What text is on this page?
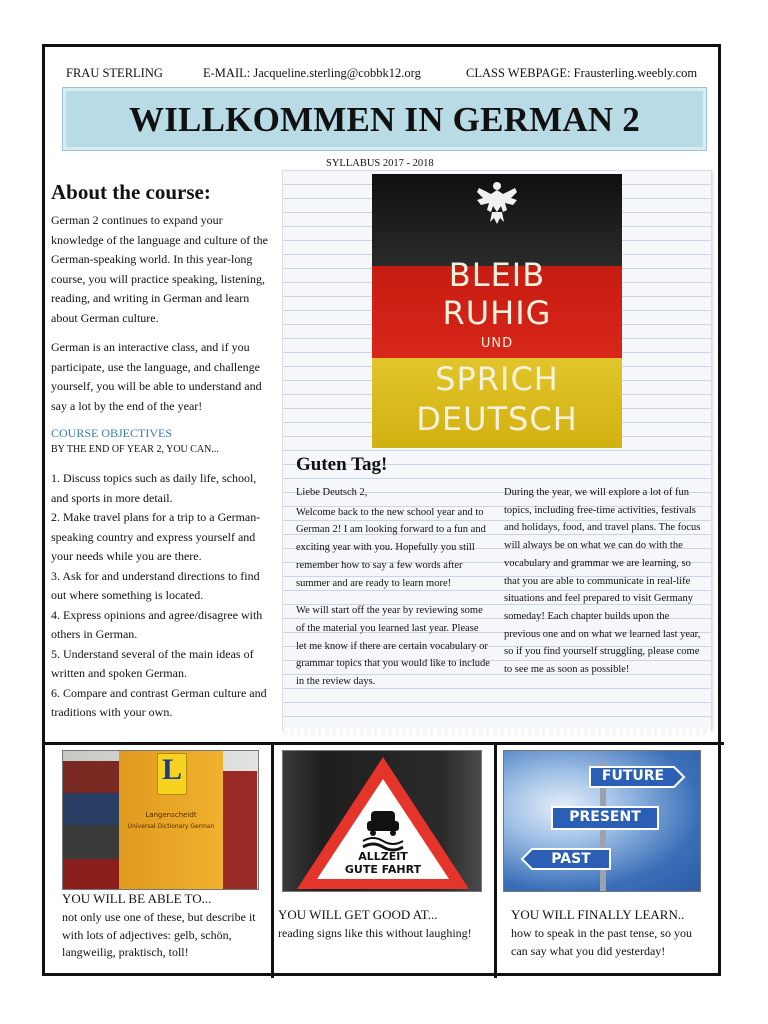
FRAU STERLING	E-MAIL: Jacqueline.sterling@cobbk12.org	CLASS WEBPAGE: Frausterling.weebly.com
WILLKOMMEN IN GERMAN 2
SYLLABUS 2017 - 2018
About the course:

German 2 continues to expand your knowledge of the language and culture of the German-speaking world. In this year-long course, you will practice speaking, listening, reading, and writing in German and learn about German culture.

German is an interactive class, and if you participate, use the language, and challenge yourself, you will be able to understand and say a lot by the end of the year!

COURSE OBJECTIVES
BY THE END OF YEAR 2, YOU CAN...
1. Discuss topics such as daily life, school, and sports in more detail.
2. Make travel plans for a trip to a German-speaking country and express yourself and your needs while you are there.
3. Ask for and understand directions to find out where something is located.
4. Express opinions and agree/disagree with others in German.
5. Understand several of the main ideas of written and spoken German.
6. Compare and contrast German culture and traditions with your own.
BLEIB
RUHIG
UND
SPRICH
DEUTSCH
Guten Tag!

Liebe Deutsch 2,

Welcome back to the new school year and to German 2! I am looking forward to a fun and exciting year with you. Hopefully you still remember how to say a few words after summer and are ready to learn more!

We will start off the year by reviewing some of the material you learned last year. Please let me know if there are certain vocabulary or grammar topics that you would like to include in the review days.

During the year, we will explore a lot of fun topics, including free-time activities, festivals and holidays, food, and travel plans. The focus will always be on what we can do with the vocabulary and grammar we are learning, so that you are able to communicate in real-life situations and feel prepared to visit Germany someday! Each chapter builds upon the previous one and on what we learned last year, so if you find yourself struggling, please come to see me as soon as possible!

L
Langenscheidt
Universal Dictionary German
YOU WILL BE ABLE TO...
not only use one of these, but describe it with lots of adjectives: gelb, schön, langweilig, praktisch, toll!
ALLZEIT
GUTE FAHRT
YOU WILL GET GOOD AT...
reading signs like this without laughing!
FUTURE
PRESENT
PAST
YOU WILL FINALLY LEARN..
how to speak in the past tense, so you can say what you did yesterday!
